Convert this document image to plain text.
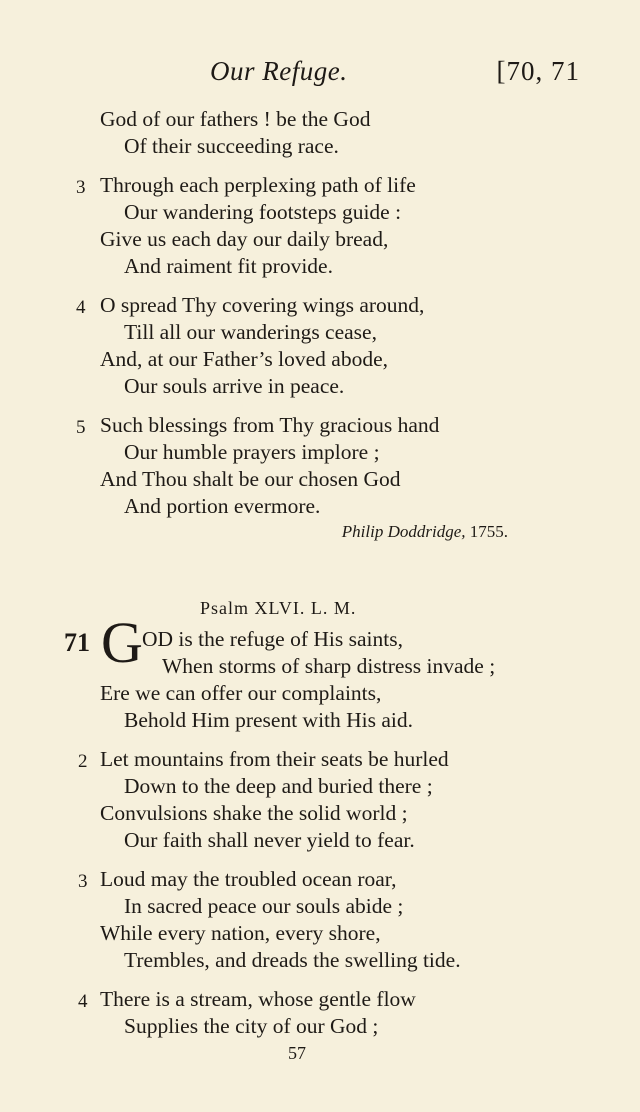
Our Refuge.	[70, 71
God of our fathers ! be the God
Of their succeeding race.
3 Through each perplexing path of life
Our wandering footsteps guide :
Give us each day our daily bread,
And raiment fit provide.
4 O spread Thy covering wings around,
Till all our wanderings cease,
And, at our Father’s loved abode,
Our souls arrive in peace.
5 Such blessings from Thy gracious hand
Our humble prayers implore ;
And Thou shalt be our chosen God
And portion evermore.
Philip Doddridge, 1755.
Psalm XLVI. L. M.
71 G OD is the refuge of His saints,
When storms of sharp distress invade ;
Ere we can offer our complaints,
Behold Him present with His aid.
2 Let mountains from their seats be hurled
Down to the deep and buried there ;
Convulsions shake the solid world ;
Our faith shall never yield to fear.
3 Loud may the troubled ocean roar,
In sacred peace our souls abide ;
While every nation, every shore,
Trembles, and dreads the swelling tide.
4 There is a stream, whose gentle flow
Supplies the city of our God ;
57
